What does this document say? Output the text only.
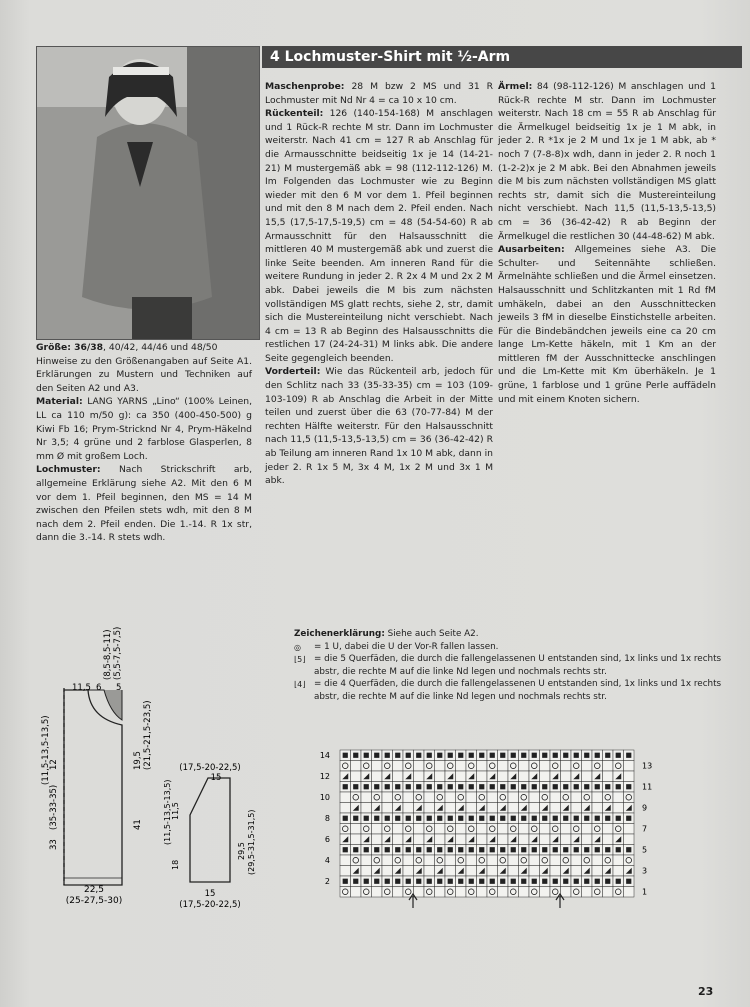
4 Lochmuster-Shirt mit ½-Arm

Größe: 36/38, 40/42, 44/46 und 48/50
Hinweise zu den Größenangaben auf Seite A1. Erklärungen zu Mustern und Techniken auf den Seiten A2 und A3.

Material: LANG YARNS „Lino“ (100% Leinen, LL ca 110 m/50 g): ca 350 (400-450-500) g Kiwi Fb 16; Prym-Stricknd Nr 4, Prym-Häkelnd Nr 3,5; 4 grüne und 2 farblose Glasperlen, 8 mm Ø mit großem Loch.

Lochmuster: Nach Strickschrift arb, allgemeine Erklärung siehe A2. Mit den 6 M vor dem 1. Pfeil beginnen, den MS = 14 M zwischen den Pfeilen stets wdh, mit den 8 M nach dem 2. Pfeil enden. Die 1.-14. R 1x str, dann die 3.-14. R stets wdh.

Maschenprobe: 28 M bzw 2 MS und 31 R Lochmuster mit Nd Nr 4 = ca 10 x 10 cm.

Rückenteil: 126 (140-154-168) M anschlagen und 1 Rück-R rechte M str. Dann im Lochmuster weiterstr. Nach 41 cm = 127 R ab Anschlag für die Armausschnitte beidseitig 1x je 14 (14-21-21) M mustergemäß abk = 98 (112-112-126) M. Im Folgenden das Lochmuster wie zu Beginn wieder mit den 6 M vor dem 1. Pfeil beginnen und mit den 8 M nach dem 2. Pfeil enden. Nach 15,5 (17,5-17,5-19,5) cm = 48 (54-54-60) R ab Armausschnitt für den Halsausschnitt die mittleren 40 M mustergemäß abk und zuerst die linke Seite beenden. Am inneren Rand für die weitere Rundung in jeder 2. R 2x 4 M und 2x 2 M abk. Dabei jeweils die M bis zum nächsten vollständigen MS glatt rechts, siehe 2, str, damit sich die Mustereinteilung nicht verschiebt. Nach 4 cm = 13 R ab Beginn des Halsausschnitts die restlichen 17 (24-24-31) M links abk. Die andere Seite gegengleich beenden.

Vorderteil: Wie das Rückenteil arb, jedoch für den Schlitz nach 33 (35-33-35) cm = 103 (109-103-109) R ab Anschlag die Arbeit in der Mitte teilen und zuerst über die 63 (70-77-84) M der rechten Hälfte weiterstr. Für den Halsausschnitt nach 11,5 (11,5-13,5-13,5) cm = 36 (36-42-42) R ab Teilung am inneren Rand 1x 10 M abk, dann in jeder 2. R 1x 5 M, 3x 4 M, 1x 2 M und 3x 1 M abk.

Ärmel: 84 (98-112-126) M anschlagen und 1 Rück-R rechte M str. Dann im Lochmuster weiterstr. Nach 18 cm = 55 R ab Anschlag für die Ärmelkugel beidseitig 1x je 1 M abk, in jeder 2. R *1x je 2 M und 1x je 1 M abk, ab * noch 7 (7-8-8)x wdh, dann in jeder 2. R noch 1 (1-2-2)x je 2 M abk. Bei den Abnahmen jeweils die M bis zum nächsten vollständigen MS glatt rechts str, damit sich die Mustereinteilung nicht verschiebt. Nach 11,5 (11,5-13,5-13,5) cm = 36 (36-42-42) R ab Beginn der Ärmelkugel die restlichen 30 (44-48-62) M abk.

Ausarbeiten: Allgemeines siehe A3. Die Schulter- und Seitennähte schließen. Ärmelnähte schließen und die Ärmel einsetzen. Halsausschnitt und Schlitzkanten mit 1 Rd fM umhäkeln, dabei an den Ausschnittecken jeweils 3 fM in dieselbe Einstichstelle arbeiten. Für die Bindebändchen jeweils eine ca 20 cm lange Lm-Kette häkeln, mit 1 Km an der mittleren fM der Ausschnittecke anschlingen und die Lm-Kette mit Km überhäkeln. Je 1 grüne, 1 farblose und 1 grüne Perle auffädeln und mit einem Knoten sichern.

Zeichenerklärung: Siehe auch Seite A2.
◎ = 1 U, dabei die U der Vor-R fallen lassen.
⌊5⌋ = die 5 Querfäden, die durch die fallengelassenen U entstanden sind, 1x links und 1x rechts abstr, die rechte M auf die linke Nd legen und nochmals rechts str.
⌊4⌋ = die 4 Querfäden, die durch die fallengelassenen U entstanden sind, 1x links und 1x rechts abstr, die rechte M auf die linke Nd legen und nochmals rechts str.
22,5
(25-27,5-30)
11,5 6 5
33
(35-33-35)
12
(11,5-13,5-13,5)	19,5 (21,5-21,5-23,5)
41
(8,5-8,5-11) (5,5-7,5-7,5)
(17,5-20-22,5)
15
11,5
(11,5-13,5-13,5)
18
29,5 (29,5-31,5-31,5)
15
(17,5-20-22,5)
14
12
10
8
6
4
2
13
11
9
7
5
3
1
23
